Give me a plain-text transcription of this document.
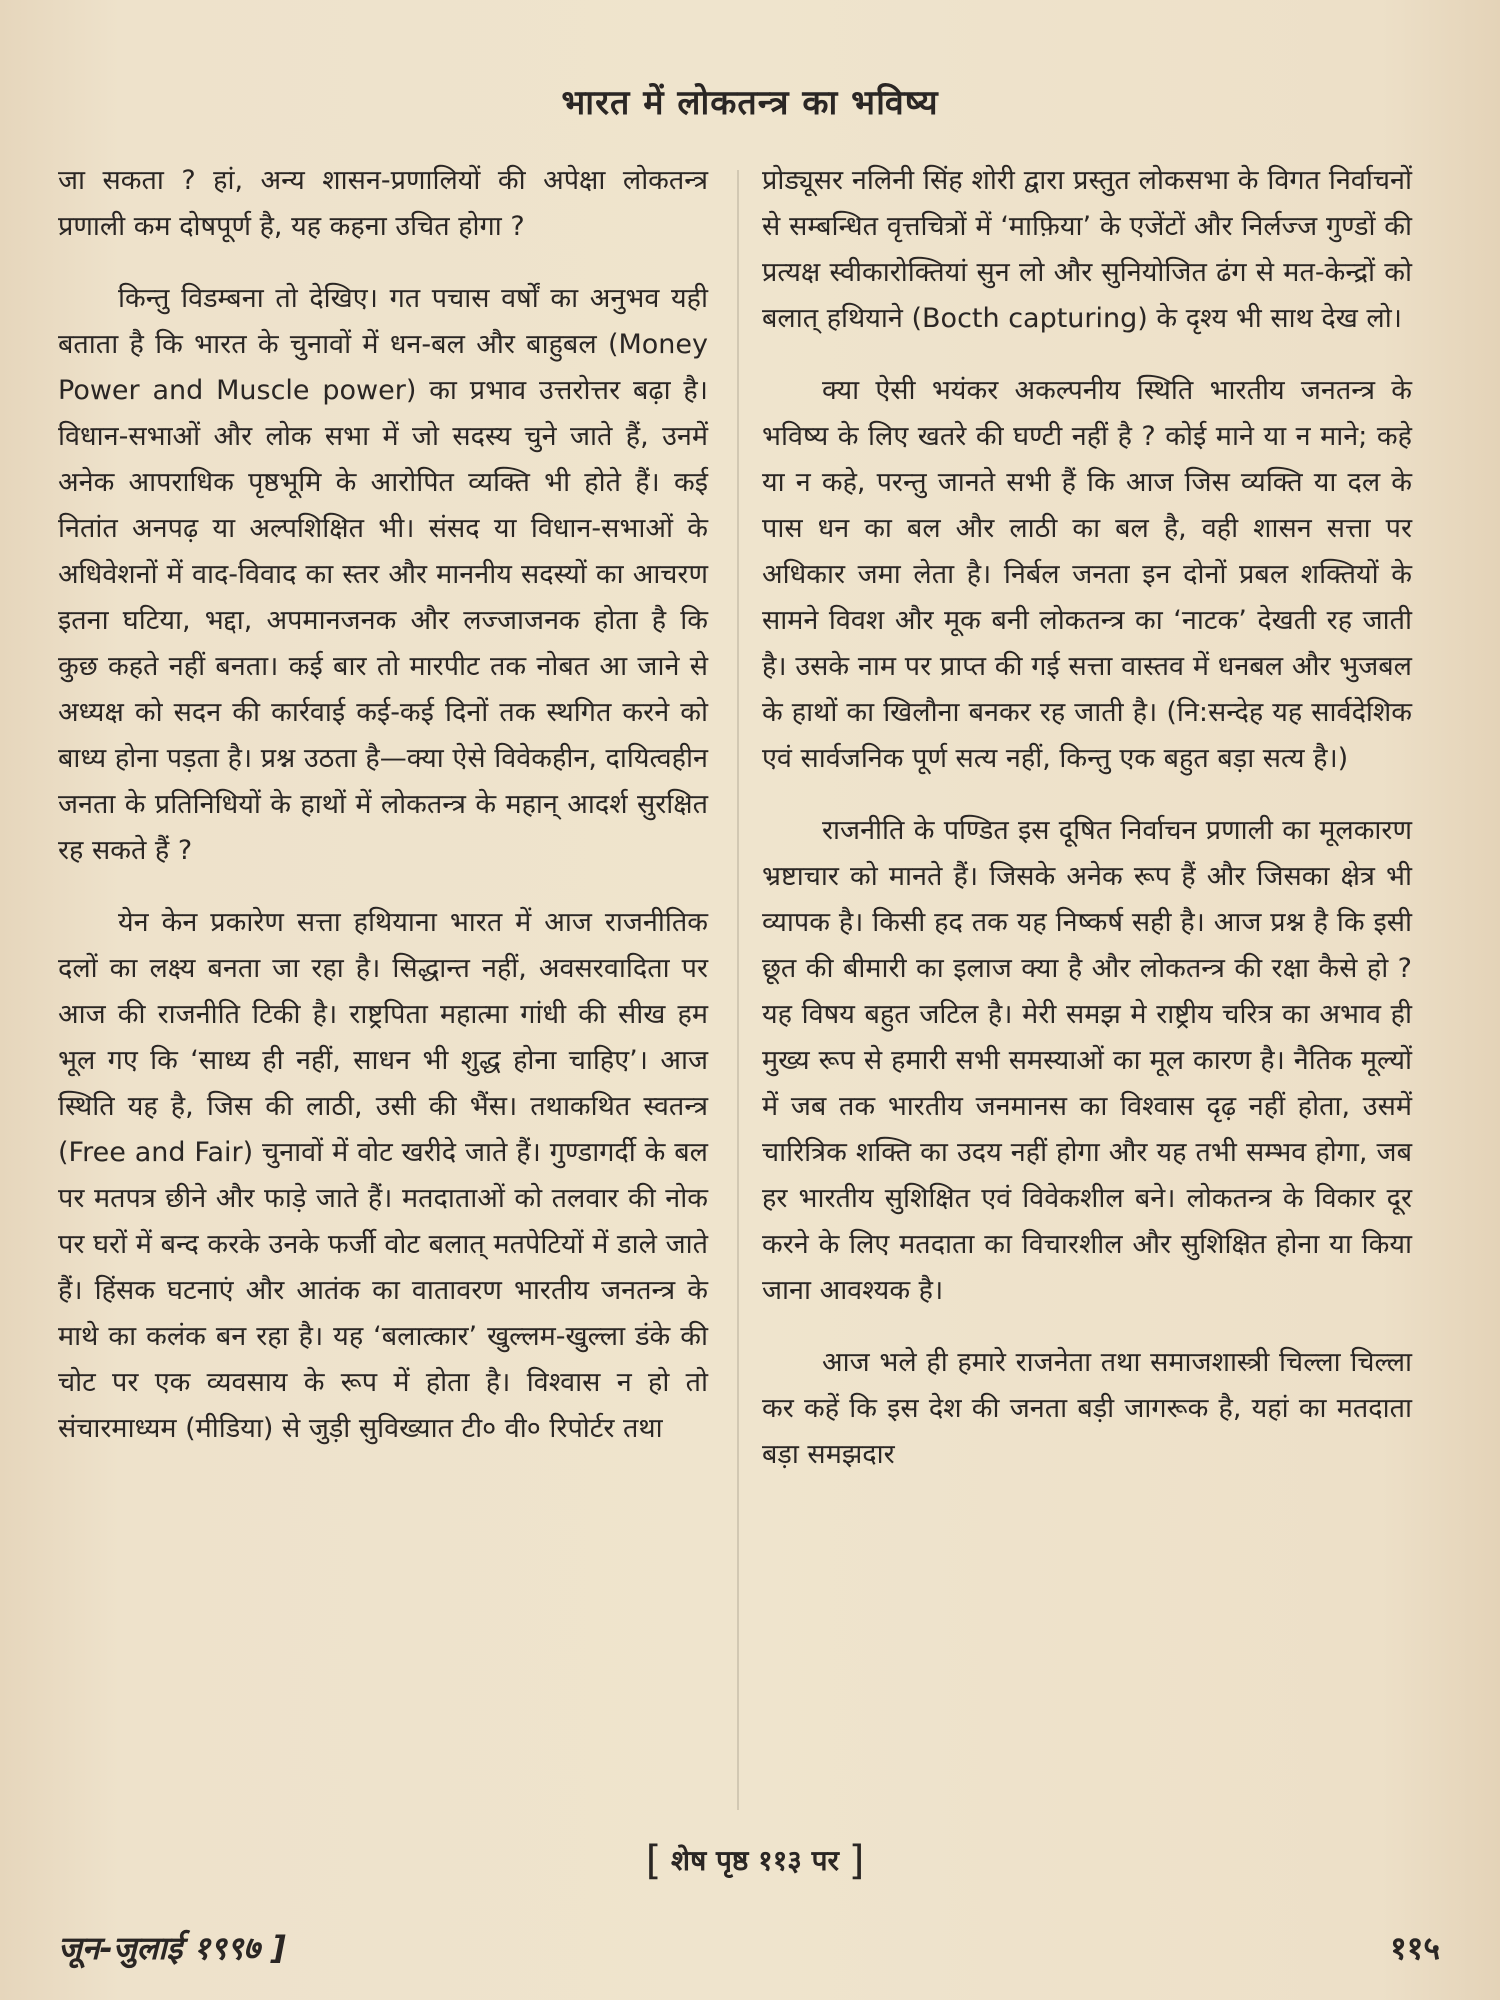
भारत में लोकतन्त्र का भविष्य

जा सकता ? हां, अन्य शासन-प्रणालियों की अपेक्षा लोकतन्त्र प्रणाली कम दोषपूर्ण है, यह कहना उचित होगा ?

किन्तु विडम्बना तो देखिए। गत पचास वर्षों का अनुभव यही बताता है कि भारत के चुनावों में धन-बल और बाहुबल (Money Power and Muscle power) का प्रभाव उत्तरोत्तर बढ़ा है। विधान-सभाओं और लोक सभा में जो सदस्य चुने जाते हैं, उनमें अनेक आपराधिक पृष्ठभूमि के आरोपित व्यक्ति भी होते हैं। कई नितांत अनपढ़ या अल्पशिक्षित भी। संसद या विधान-सभाओं के अधिवेशनों में वाद-विवाद का स्तर और माननीय सदस्यों का आचरण इतना घटिया, भद्दा, अपमानजनक और लज्जाजनक होता है कि कुछ कहते नहीं बनता। कई बार तो मारपीट तक नोबत आ जाने से अध्यक्ष को सदन की कार्रवाई कई-कई दिनों तक स्थगित करने को बाध्य होना पड़ता है। प्रश्न उठता है—क्या ऐसे विवेकहीन, दायित्वहीन जनता के प्रतिनिधियों के हाथों में लोकतन्त्र के महान् आदर्श सुरक्षित रह सकते हैं ?

येन केन प्रकारेण सत्ता हथियाना भारत में आज राजनीतिक दलों का लक्ष्य बनता जा रहा है। सिद्धान्त नहीं, अवसरवादिता पर आज की राजनीति टिकी है। राष्ट्रपिता महात्मा गांधी की सीख हम भूल गए कि ‘साध्य ही नहीं, साधन भी शुद्ध होना चाहिए’। आज स्थिति यह है, जिस की लाठी, उसी की भैंस। तथाकथित स्वतन्त्र (Free and Fair) चुनावों में वोट खरीदे जाते हैं। गुण्डागर्दी के बल पर मतपत्र छीने और फाड़े जाते हैं। मतदाताओं को तलवार की नोक पर घरों में बन्द करके उनके फर्जी वोट बलात् मतपेटियों में डाले जाते हैं। हिंसक घटनाएं और आतंक का वातावरण भारतीय जनतन्त्र के माथे का कलंक बन रहा है। यह ‘बलात्कार’ खुल्लम-खुल्ला डंके की चोट पर एक व्यवसाय के रूप में होता है। विश्वास न हो तो संचारमाध्यम (मीडिया) से जुड़ी सुविख्यात टी० वी० रिपोर्टर तथा

प्रोड्यूसर नलिनी सिंह शोरी द्वारा प्रस्तुत लोकसभा के विगत निर्वाचनों से सम्बन्धित वृत्तचित्रों में ‘माफ़िया’ के एजेंटों और निर्लज्ज गुण्डों की प्रत्यक्ष स्वीकारोक्तियां सुन लो और सुनियोजित ढंग से मत-केन्द्रों को बलात् हथियाने (Bocth capturing) के दृश्य भी साथ देख लो।

क्या ऐसी भयंकर अकल्पनीय स्थिति भारतीय जनतन्त्र के भविष्य के लिए खतरे की घण्टी नहीं है ? कोई माने या न माने; कहे या न कहे, परन्तु जानते सभी हैं कि आज जिस व्यक्ति या दल के पास धन का बल और लाठी का बल है, वही शासन सत्ता पर अधिकार जमा लेता है। निर्बल जनता इन दोनों प्रबल शक्तियों के सामने विवश और मूक बनी लोकतन्त्र का ‘नाटक’ देखती रह जाती है। उसके नाम पर प्राप्त की गई सत्ता वास्तव में धनबल और भुजबल के हाथों का खिलौना बनकर रह जाती है। (नि:सन्देह यह सार्वदेशिक एवं सार्वजनिक पूर्ण सत्य नहीं, किन्तु एक बहुत बड़ा सत्य है।)

राजनीति के पण्डित इस दूषित निर्वाचन प्रणाली का मूलकारण भ्रष्टाचार को मानते हैं। जिसके अनेक रूप हैं और जिसका क्षेत्र भी व्यापक है। किसी हद तक यह निष्कर्ष सही है। आज प्रश्न है कि इसी छूत की बीमारी का इलाज क्या है और लोकतन्त्र की रक्षा कैसे हो ? यह विषय बहुत जटिल है। मेरी समझ मे राष्ट्रीय चरित्र का अभाव ही मुख्य रूप से हमारी सभी समस्याओं का मूल कारण है। नैतिक मूल्यों में जब तक भारतीय जनमानस का विश्वास दृढ़ नहीं होता, उसमें चारित्रिक शक्ति का उदय नहीं होगा और यह तभी सम्भव होगा, जब हर भारतीय सुशिक्षित एवं विवेकशील बने। लोकतन्त्र के विकार दूर करने के लिए मतदाता का विचारशील और सुशिक्षित होना या किया जाना आवश्यक है।

आज भले ही हमारे राजनेता तथा समाजशास्त्री चिल्ला चिल्ला कर कहें कि इस देश की जनता बड़ी जागरूक है, यहां का मतदाता बड़ा समझदार

[ शेष पृष्ठ ११३ पर ]
जून-जुलाई १९९७ ]	११५
